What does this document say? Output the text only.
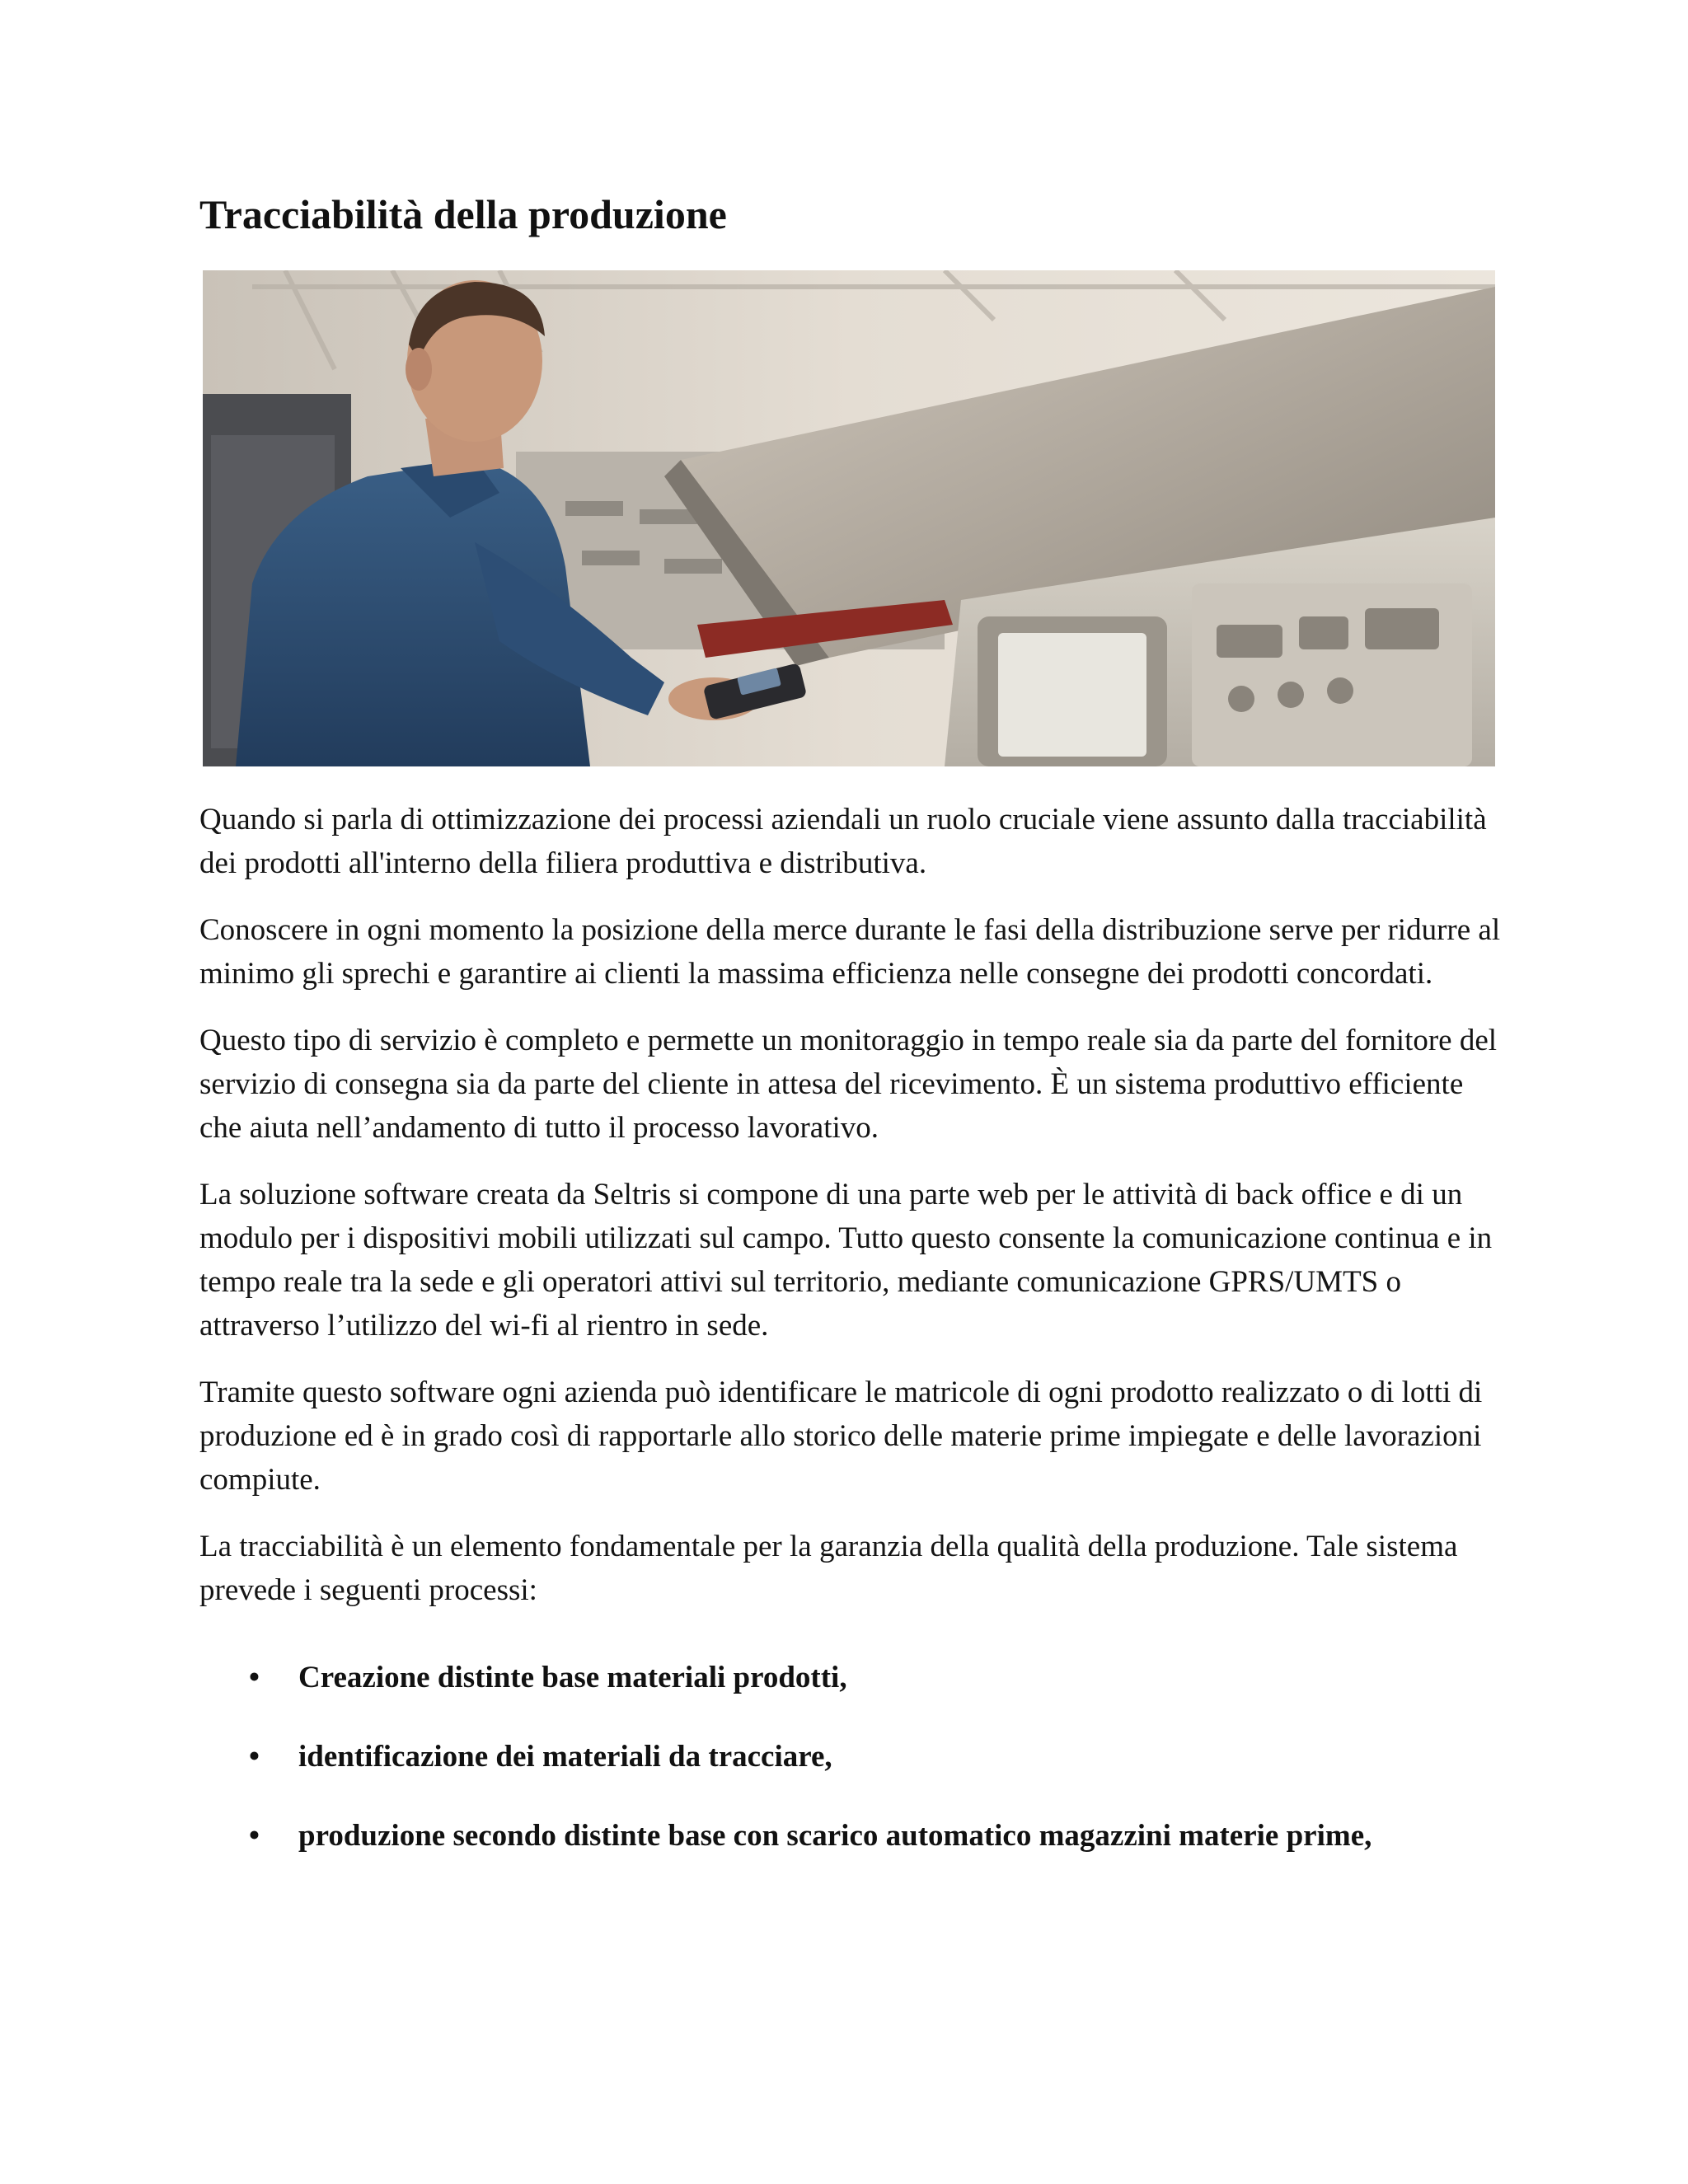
Tracciabilità della produzione

Quando si parla di ottimizzazione dei processi aziendali un ruolo cruciale viene assunto dalla tracciabilità dei prodotti all'interno della filiera produttiva e distributiva.

Conoscere in ogni momento la posizione della merce durante le fasi della distribuzione serve per ridurre al minimo gli sprechi e garantire ai clienti la massima efficienza nelle consegne dei prodotti concordati.

Questo tipo di servizio è completo e permette un monitoraggio in tempo reale sia da parte del fornitore del servizio di consegna sia da parte del cliente in attesa del ricevimento. È un sistema produttivo efficiente che aiuta nell’andamento di tutto il processo lavorativo.

La soluzione software creata da Seltris si compone di una parte web per le attività di back office e di un modulo per i dispositivi mobili utilizzati sul campo. Tutto questo consente la comunicazione continua e in tempo reale tra la sede e gli operatori attivi sul territorio, mediante comunicazione GPRS/UMTS o attraverso l’utilizzo del wi-fi al rientro in sede.

Tramite questo software ogni azienda può identificare le matricole di ogni prodotto realizzato o di lotti di produzione ed è in grado così di rapportarle allo storico delle materie prime impiegate e delle lavorazioni compiute.

La tracciabilità è un elemento fondamentale per la garanzia della qualità della produzione. Tale sistema prevede i seguenti processi:

• Creazione distinte base materiali prodotti,
• identificazione dei materiali da tracciare,
• produzione secondo distinte base con scarico automatico magazzini materie prime,
